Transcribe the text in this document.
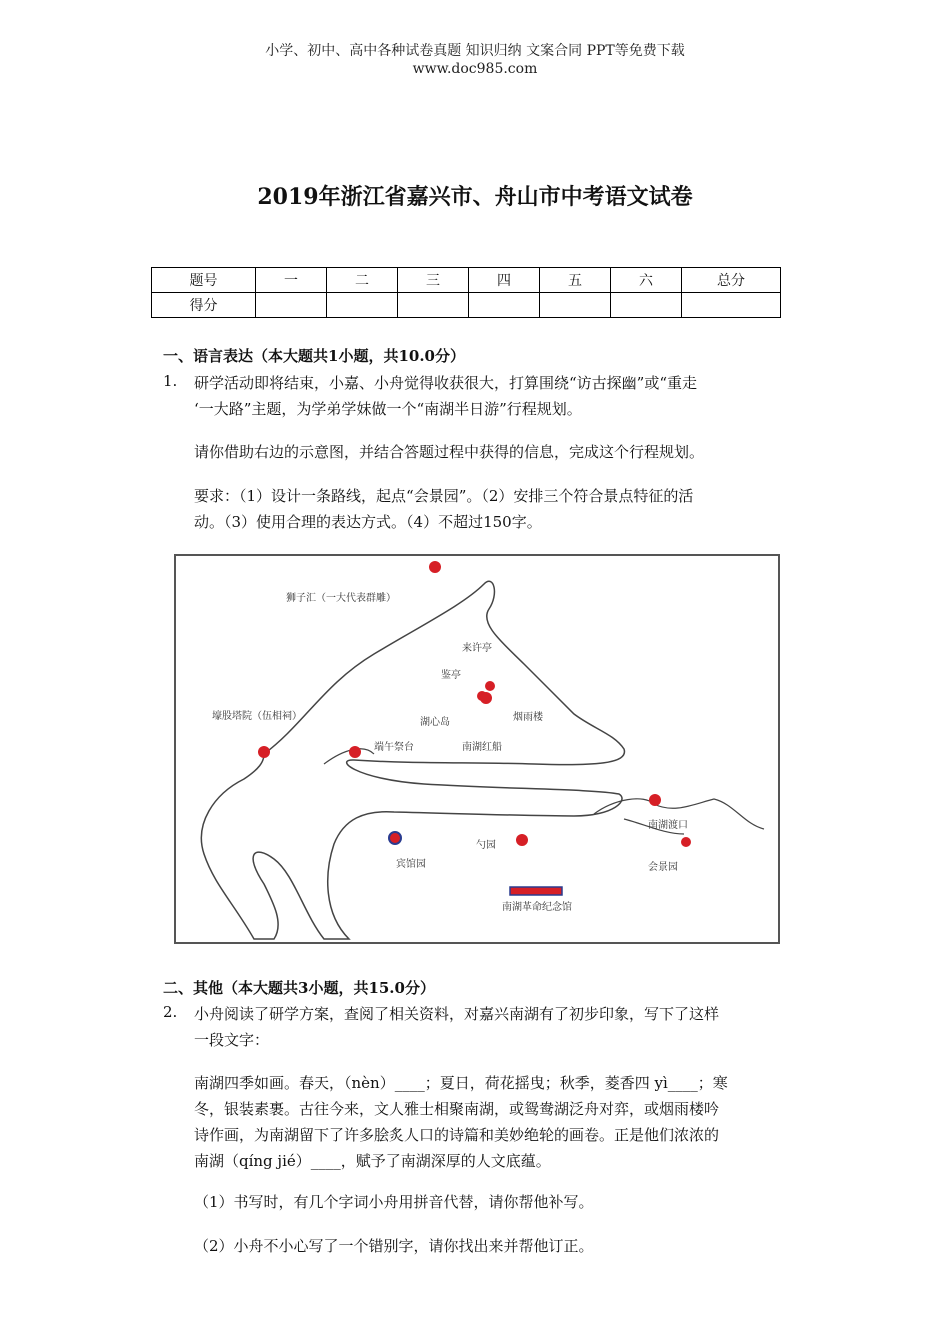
小学、初中、高中各种试卷真题 知识归纳 文案合同 PPT等免费下载
www.doc985.com
2019年浙江省嘉兴市、舟山市中考语文试卷
题号	一	二	三	四	五	六	总分
得分							
一、语言表达（本大题共1小题，共10.0分）
1. 研学活动即将结束，小嘉、小舟觉得收获很大，打算围绕“访古探幽”或“重走
‘一大路”主题，为学弟学妹做一个“南湖半日游”行程规划。
请你借助右边的示意图，并结合答题过程中获得的信息，完成这个行程规划。
要求：（1）设计一条路线，起点“会景园”。（2）安排三个符合景点特征的活
动。（3）使用合理的表达方式。（4）不超过150字。
狮子汇（一大代表群雕）
来许亭
鉴亭
烟雨楼
湖心岛
壕股塔院（伍相祠）
端午祭台	南湖红船
南湖渡口
勺园
宾馆园	会景园
南湖革命纪念馆
二、其他（本大题共3小题，共15.0分）
2. 小舟阅读了研学方案，查阅了相关资料，对嘉兴南湖有了初步印象，写下了这样
一段文字：
南湖四季如画。春天，（nèn）____；夏日，荷花摇曳；秋季，菱香四 yì____；寒
冬，银装素裹。古往今来，文人雅士相聚南湖，或鸳鸯湖泛舟对弈，或烟雨楼吟
诗作画，为南湖留下了许多脍炙人口的诗篇和美妙绝轮的画卷。正是他们浓浓的
南湖（qíng jié）____，赋予了南湖深厚的人文底蕴。
（1）书写时，有几个字词小舟用拼音代替，请你帮他补写。
（2）小舟不小心写了一个错别字，请你找出来并帮他订正。
